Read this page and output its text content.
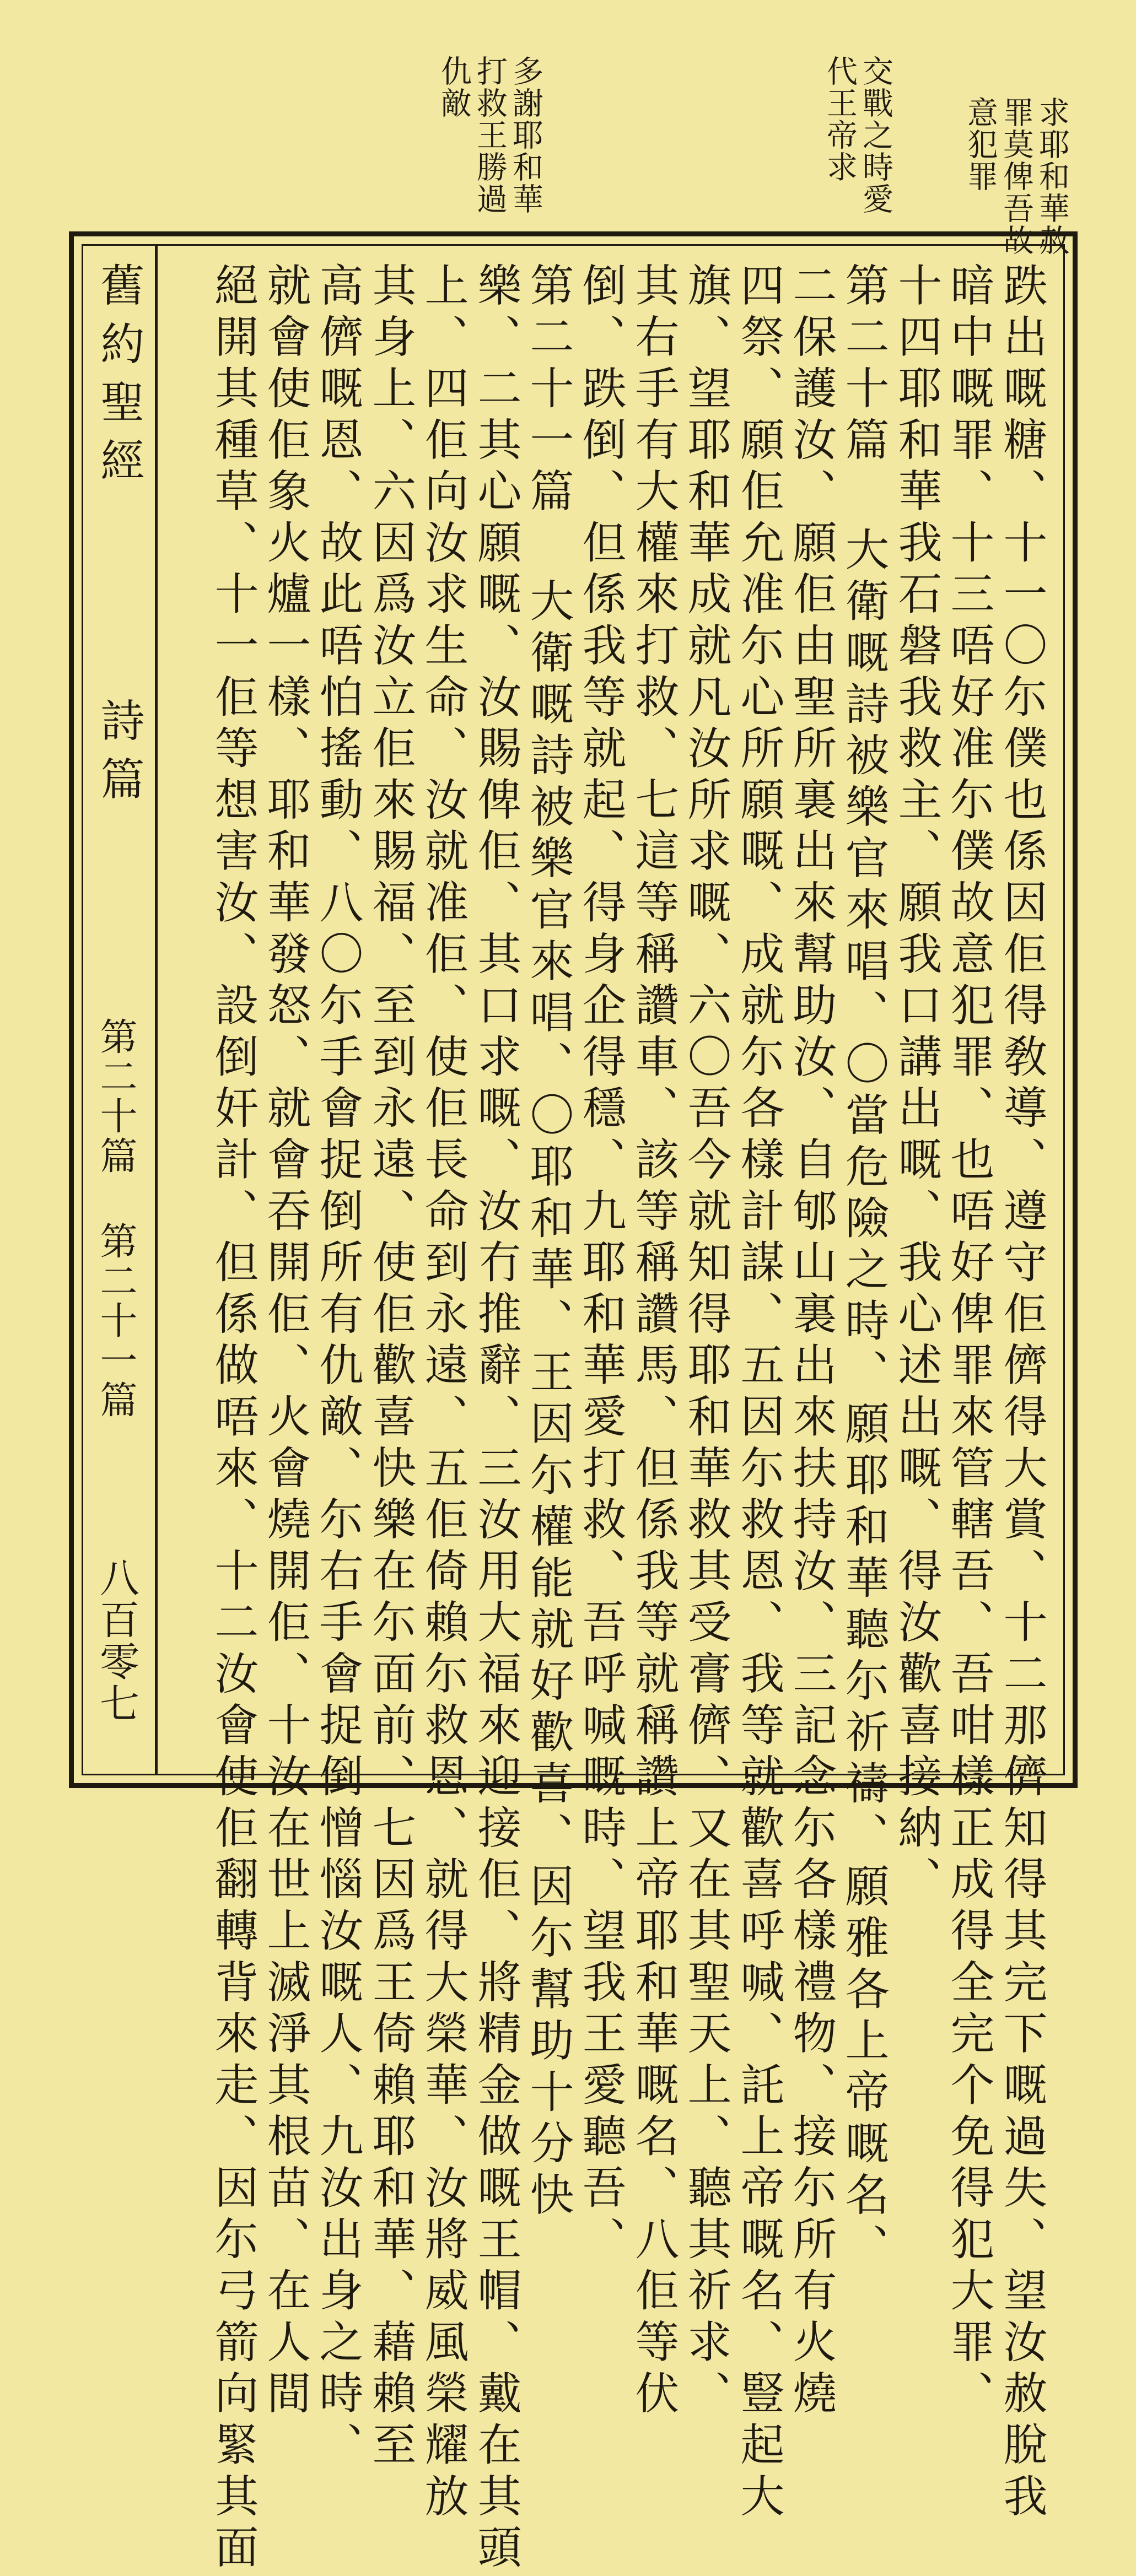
求耶和華赦
罪莫俾吾故
意犯罪
交戰之時愛
代王帝求
多謝耶和華
打救王勝過
仇敵
舊約聖經
詩篇
第二十篇 第二十一篇
八百零七	跌出嘅糖、十一〇尓僕也係因佢得敎導、遵守佢儕得大賞、十二那儕知得其完下嘅過失、望汝赦脫我
暗中嘅罪、十三唔好准尓僕故意犯罪、也唔好俾罪來管轄吾、吾咁樣正成得全完个免得犯大罪、
十四耶和華我石磐我救主、願我口講出嘅、我心述出嘅、得汝歡喜接納、
第二十篇 大衛嘅詩被樂官來唱、〇當危險之時、願耶和華聽尓祈禱、願雅各上帝嘅名、
二保護汝、願佢由聖所裏出來幫助汝、自郇山裏出來扶持汝、三記念尓各樣禮物、接尓所有火燒
四祭、願佢允准尓心所願嘅、成就尓各樣計謀、五因尓救恩、我等就歡喜呼喊、託上帝嘅名、豎起大
旗、望耶和華成就凡汝所求嘅、六〇吾今就知得耶和華救其受膏儕、又在其聖天上、聽其祈求、
其右手有大權來打救、七這等稱讚車、該等稱讚馬、但係我等就稱讚上帝耶和華嘅名、八佢等伏
倒、跌倒、但係我等就起、得身企得穩、九耶和華愛打救、吾呼喊嘅時、望我王愛聽吾、
第二十一篇 大衛嘅詩被樂官來唱、〇耶和華、王因尓權能就好歡喜、因尓幫助十分快
樂、二其心願嘅、汝賜俾佢、其口求嘅、汝冇推辭、三汝用大福來迎接佢、將精金做嘅王帽、戴在其頭
上、四佢向汝求生命、汝就准佢、使佢長命到永遠、五佢倚賴尓救恩、就得大榮華、汝將威風榮耀放
其身上、六因爲汝立佢來賜福、至到永遠、使佢歡喜快樂在尓面前、七因爲王倚賴耶和華、藉賴至
高儕嘅恩、故此唔怕搖動、八〇尓手會捉倒所有仇敵、尓右手會捉倒憎惱汝嘅人、九汝出身之時、
就會使佢象火爐一樣、耶和華發怒、就會吞開佢、火會燒開佢、十汝在世上滅淨其根苗、在人間
絕開其種草、十一佢等想害汝、設倒奸計、但係做唔來、十二汝會使佢翻轉背來走、因尓弓箭向緊其面
